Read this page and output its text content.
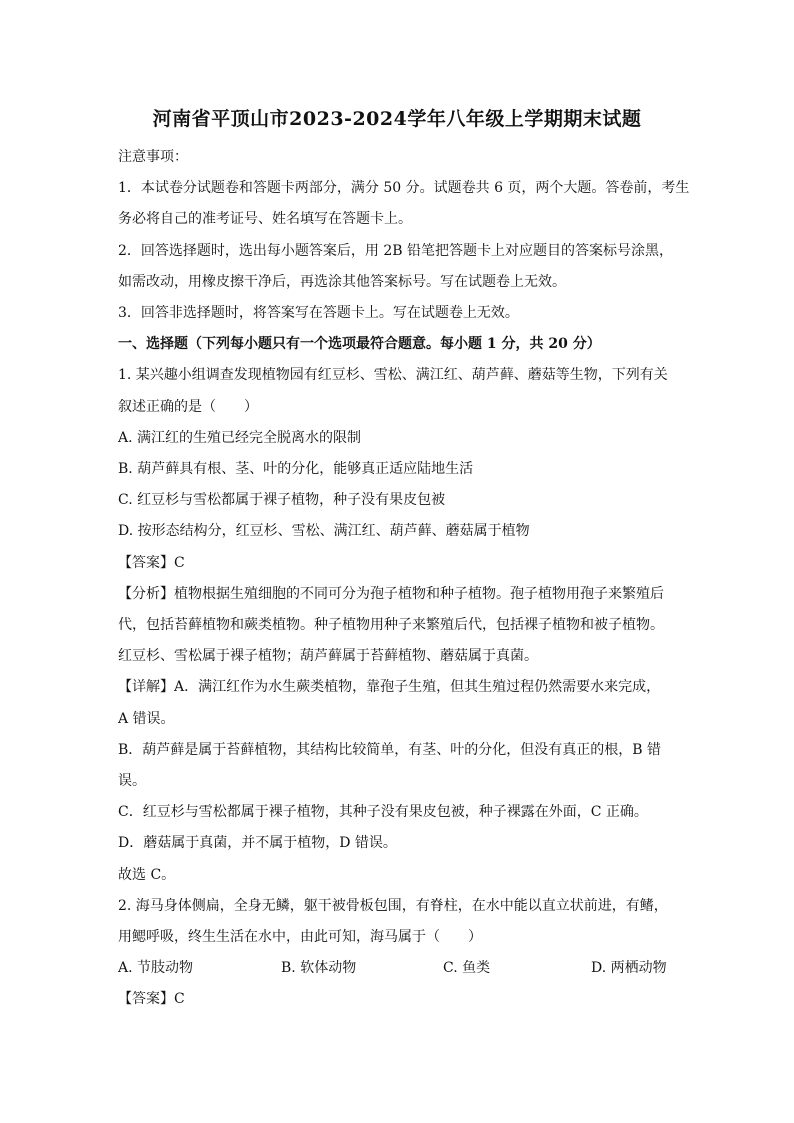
河南省平顶山市2023-2024学年八年级上学期期末试题

注意事项：

1．本试卷分试题卷和答题卡两部分，满分 50 分。试题卷共 6 页，两个大题。答卷前，考生

务必将自己的准考证号、姓名填写在答题卡上。

2．回答选择题时，选出每小题答案后，用 2B 铅笔把答题卡上对应题目的答案标号涂黑，

如需改动，用橡皮擦干净后，再选涂其他答案标号。写在试题卷上无效。

3．回答非选择题时，将答案写在答题卡上。写在试题卷上无效。

一、选择题（下列每小题只有一个选项最符合题意。每小题 1 分，共 20 分）

1. 某兴趣小组调查发现植物园有红豆杉、雪松、满江红、葫芦藓、蘑菇等生物，下列有关

叙述正确的是（　　）

A. 满江红的生殖已经完全脱离水的限制

B. 葫芦藓具有根、茎、叶的分化，能够真正适应陆地生活

C. 红豆杉与雪松都属于裸子植物，种子没有果皮包被

D. 按形态结构分，红豆杉、雪松、满江红、葫芦藓、蘑菇属于植物

【答案】C

【分析】植物根据生殖细胞的不同可分为孢子植物和种子植物。孢子植物用孢子来繁殖后

代，包括苔藓植物和蕨类植物。种子植物用种子来繁殖后代，包括裸子植物和被子植物。

红豆杉、雪松属于裸子植物；葫芦藓属于苔藓植物、蘑菇属于真菌。

【详解】A．满江红作为水生蕨类植物，靠孢子生殖，但其生殖过程仍然需要水来完成，

A 错误。

B．葫芦藓是属于苔藓植物，其结构比较简单，有茎、叶的分化，但没有真正的根，B 错

误。

C．红豆杉与雪松都属于裸子植物，其种子没有果皮包被，种子裸露在外面，C 正确。

D．蘑菇属于真菌，并不属于植物，D 错误。

故选 C。

2. 海马身体侧扁，全身无鳞，躯干被骨板包围，有脊柱，在水中能以直立状前进，有鳍，

用鳃呼吸，终生生活在水中，由此可知，海马属于（　　）

A. 节肢动物	B. 软体动物	C. 鱼类	D. 两栖动物

【答案】C
